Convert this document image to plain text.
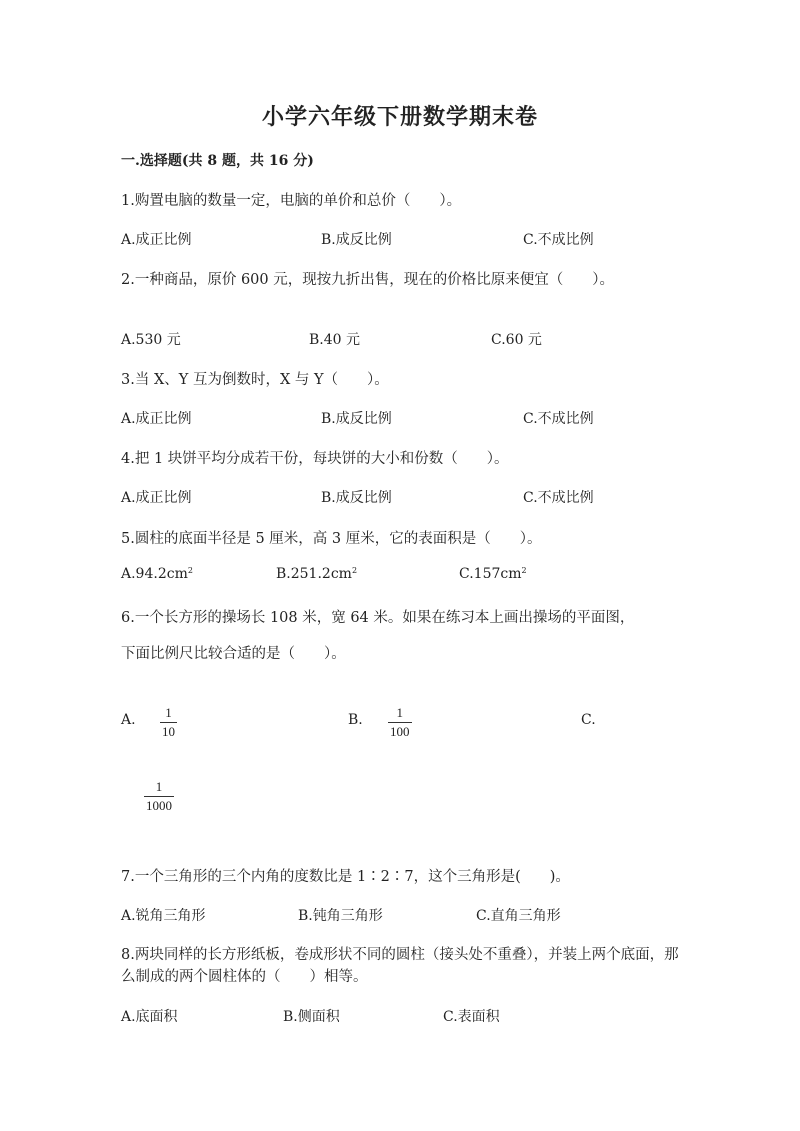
小学六年级下册数学期末卷
一.选择题(共 8 题，共 16 分)
1.购置电脑的数量一定，电脑的单价和总价（　　）。
A.成正比例	B.成反比例	C.不成比例
2.一种商品，原价 600 元，现按九折出售，现在的价格比原来便宜（　　）。
A.530 元	B.40 元	C.60 元
3.当 X、Y 互为倒数时，X 与 Y（　　）。
A.成正比例	B.成反比例	C.不成比例
4.把 1 块饼平均分成若干份，每块饼的大小和份数（　　）。
A.成正比例	B.成反比例	C.不成比例
5.圆柱的底面半径是 5 厘米，高 3 厘米，它的表面积是（　　）。
$A.94.2cm^2$	$B.251.2cm^2$	$C.157cm^2$
6.一个长方形的操场长 108 米，宽 64 米。如果在练习本上画出操场的平面图，
下面比例尺比较合适的是（　　）。
A. 1
10
B.	1
100
C.
1
1000
7.一个三角形的三个内角的度数比是 1∶2∶7，这个三角形是(　　)。
A.锐角三角形	B.钝角三角形	C.直角三角形
8.两块同样的长方形纸板，卷成形状不同的圆柱（接头处不重叠），并装上两个底面，那么制成的两个圆柱体的（　　）相等。
A.底面积	B.侧面积	C.表面积
